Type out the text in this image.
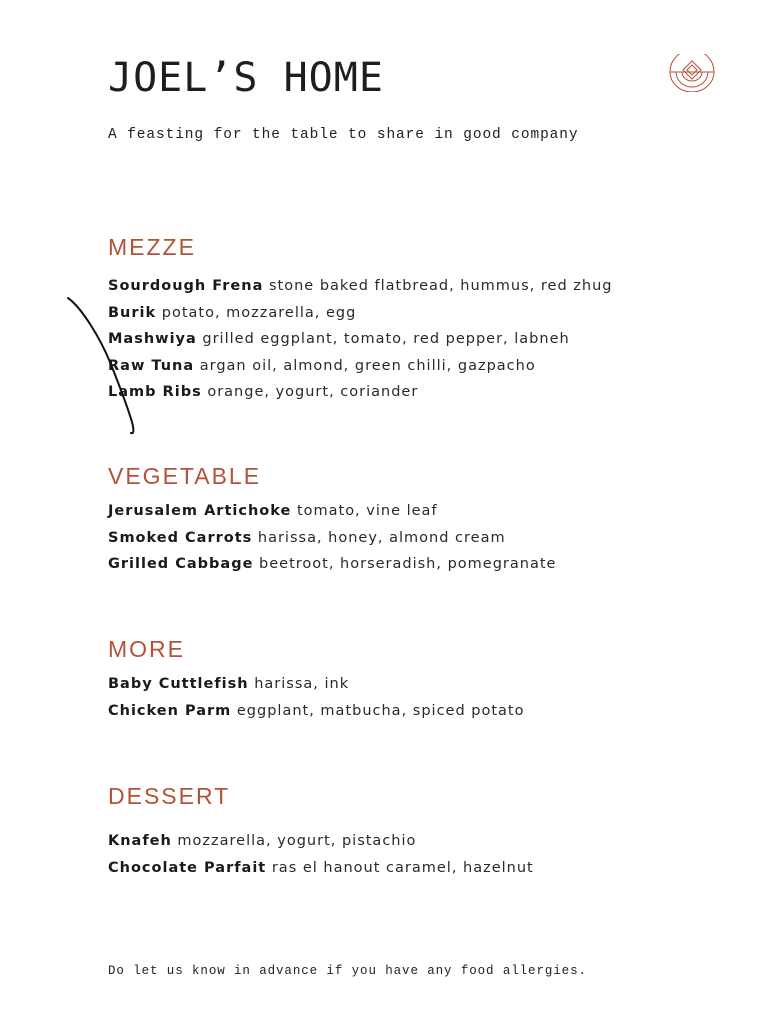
JOEL’S HOME

A feasting for the table to share in good company

MEZZE
Sourdough Frena stone baked flatbread, hummus, red zhug
Burik potato, mozzarella, egg
Mashwiya grilled eggplant, tomato, red pepper, labneh
Raw Tuna argan oil, almond, green chilli, gazpacho
Lamb Ribs orange, yogurt, coriander
VEGETABLE
Jerusalem Artichoke tomato, vine leaf
Smoked Carrots harissa, honey, almond cream
Grilled Cabbage beetroot, horseradish, pomegranate
MORE
Baby Cuttlefish harissa, ink
Chicken Parm eggplant, matbucha, spiced potato
DESSERT
Knafeh mozzarella, yogurt, pistachio
Chocolate Parfait ras el hanout caramel, hazelnut

Do let us know in advance if you have any food allergies.
